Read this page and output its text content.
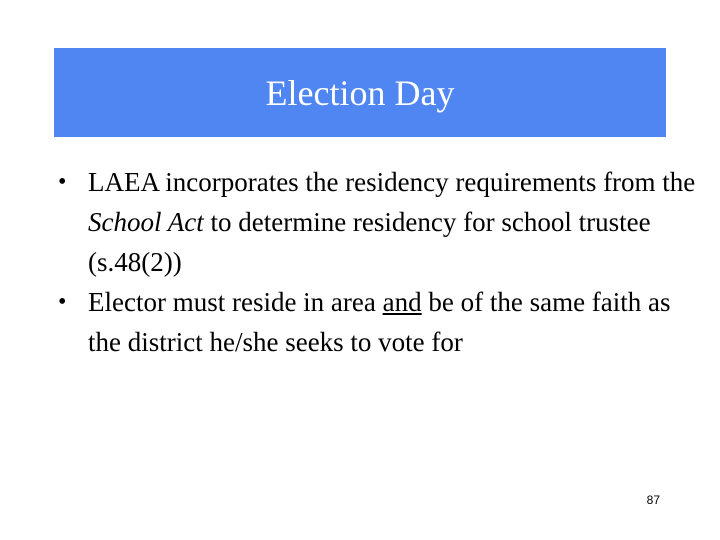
Election Day
• LAEA incorporates the residency requirements from the School Act to determine residency for school trustee (s.48(2))
• Elector must reside in area and be of the same faith as the district he/she seeks to vote for
87
